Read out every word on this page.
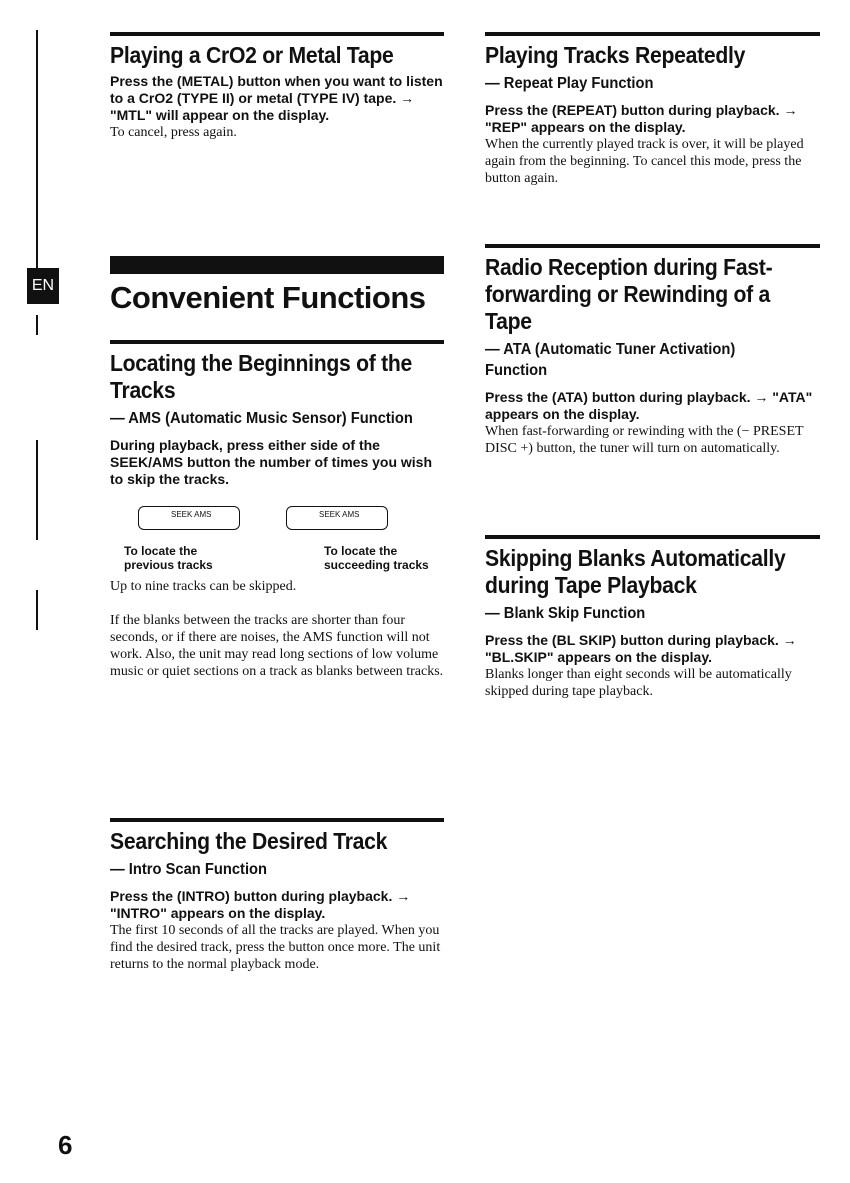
EN
Playing a CrO2 or Metal Tape

Press the (METAL) button when you want to listen to a CrO2 (TYPE II) or metal (TYPE IV) tape. → "MTL" will appear on the display.

To cancel, press again.

Convenient Functions
Locating the Beginnings of the Tracks

— AMS (Automatic Music Sensor) Function

During playback, press either side of the SEEK/AMS button the number of times you wish to skip the tracks.

SEEK AMS	SEEK AMS
To locate the previous tracks
To locate the succeeding tracks

Up to nine tracks can be skipped.

If the blanks between the tracks are shorter than four seconds, or if there are noises, the AMS function will not work. Also, the unit may read long sections of low volume music or quiet sections on a track as blanks between tracks.

Searching the Desired Track

— Intro Scan Function

Press the (INTRO) button during playback. → "INTRO" appears on the display.

The first 10 seconds of all the tracks are played. When you find the desired track, press the button once more. The unit returns to the normal playback mode.

Playing Tracks Repeatedly

— Repeat Play Function

Press the (REPEAT) button during playback. → "REP" appears on the display.

When the currently played track is over, it will be played again from the beginning. To cancel this mode, press the button again.

Radio Reception during Fast-forwarding or Rewinding of a Tape

— ATA (Automatic Tuner Activation) Function

Press the (ATA) button during playback. → "ATA" appears on the display.

When fast-forwarding or rewinding with the (− PRESET DISC +) button, the tuner will turn on automatically.

Skipping Blanks Automatically during Tape Playback

— Blank Skip Function

Press the (BL SKIP) button during playback. → "BL.SKIP" appears on the display.

Blanks longer than eight seconds will be automatically skipped during tape playback.

6
